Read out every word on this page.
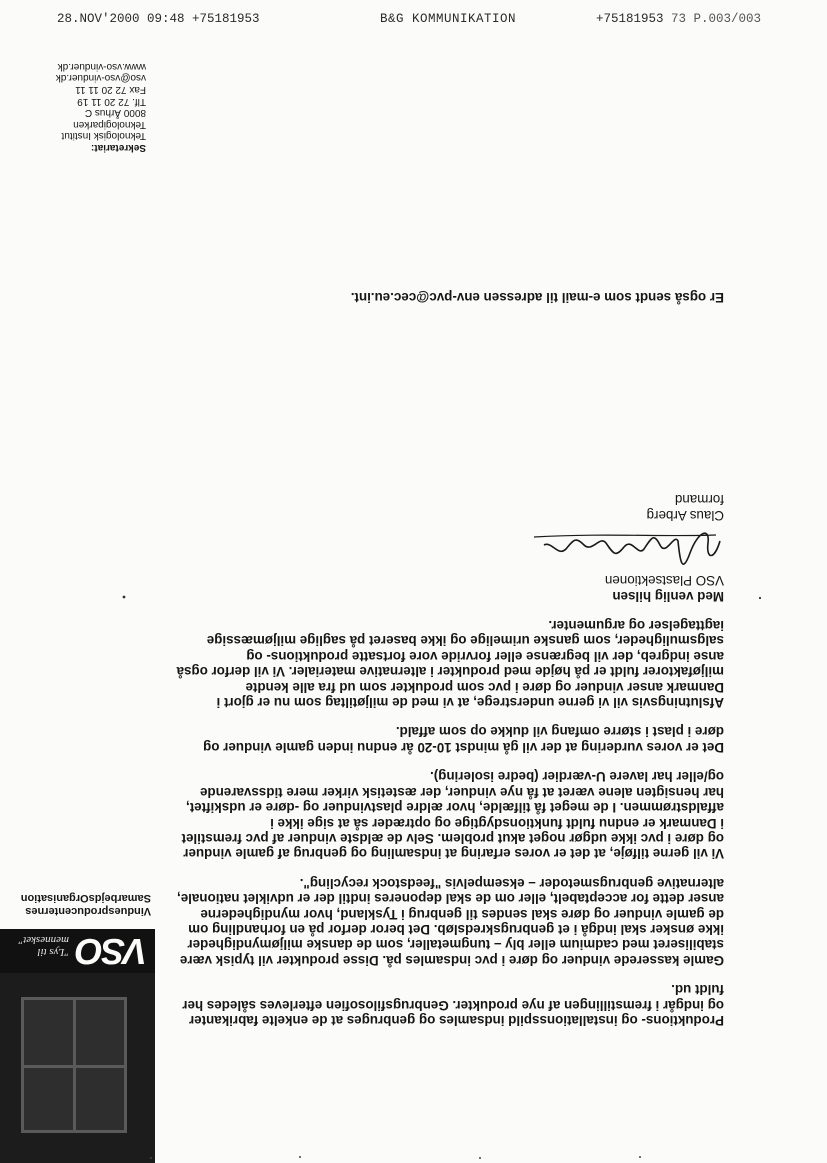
28.NOV'2000 09:48 +75181953	B&G KOMMUNIKATION	+75181953 73 P.003/003
Sekretariat:
Teknologisk Institut
Teknologiparken
8000 Århus C
Tlf. 72 20 11 19
Fax 72 20 11 11
vso@vso-vinduer.dk
www.vso-vinduer.dk
VSO
"Lys til mennesket"
Vinduesproducenternes
SamarbejdsOrganisation

Produktions- og installationsspild indsamles og genbruges at de enkelte fabrikanter og indgår i fremstillingen af nye produkter. Genbrugsfilosofien efterleves således her fuldt ud.

Gamle kasserede vinduer og døre i pvc indsamles på. Disse produkter vil typisk være stabiliseret med cadmium eller bly – tungmetaller, som de danske miljømyndigheder ikke ønsker skal indgå i et genbrugskredsløb. Det beror derfor på en forhandling om de gamle vinduer og døre skal sendes til genbrug i Tyskland, hvor myndighederne anser dette for acceptabelt, eller om de skal deponeres indtil der er udviklet nationale, alternative genbrugsmetoder – eksempelvis "feedstock recycling".

Vi vil gerne tilføje, at det er vores erfaring at indsamling og genbrug af gamle vinduer og døre i pvc ikke udgør noget akut problem. Selv de ældste vinduer af pvc fremstilet i Danmark er endnu fuldt funktionsdygtige og optræder så at sige ikke i affaldstrømmen. I de meget få tilfælde, hvor ældre plastvinduer og -døre er udskiftet, har hensigten alene været at få nye vinduer, der æstetisk virker mere tidssvarende og/eller har lavere U-værdier (bedre isolering).

Det er vores vurdering at der vil gå mindst 10-20 år endnu inden gamle vinduer og døre i plast i større omfang vil dukke op som affald.

Afslutningsvis vil vi gerne understrege, at vi med de miljøtiltag som nu er gjort i Danmark anser vinduer og døre i pvc som produkter som ud fra alle kendte miljøfaktorer fuldt er på højde med produkter i alternative materialer. Vi vil derfor også anse indgreb, der vil begrænse eller forvride vore fortsatte produktions- og salgsmuligheder, som ganske urimelige og ikke baseret på saglige miljømæssige iagttagelser og argumenter.

Med venlig hilsen
VSO Plastsektionen
Claus Arberg
formand
Er også sendt som e-mail til adressen env-pvc@cec.eu.int.
